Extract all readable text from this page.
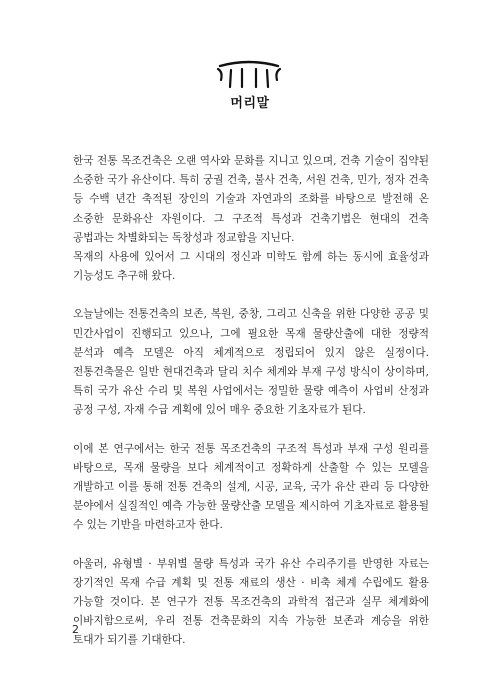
머리말

한국 전통 목조건축은 오랜 역사와 문화를 지니고 있으며, 건축 기술이 집약된 소중한 국가 유산이다. 특히 궁궐 건축, 불사 건축, 서원 건축, 민가, 정자 건축 등 수백 년간 축적된 장인의 기술과 자연과의 조화를 바탕으로 발전해 온 소중한 문화유산 자원이다. 그 구조적 특성과 건축기법은 현대의 건축 공법과는 차별화되는 독창성과 정교함을 지닌다.

목재의 사용에 있어서 그 시대의 정신과 미학도 함께 하는 동시에 효율성과 기능성도 추구해 왔다.

오늘날에는 전통건축의 보존, 복원, 중창, 그리고 신축을 위한 다양한 공공 및 민간사업이 진행되고 있으나, 그에 필요한 목재 물량산출에 대한 정량적 분석과 예측 모델은 아직 체계적으로 정립되어 있지 않은 실정이다. 전통건축물은 일반 현대건축과 달리 치수 체계와 부재 구성 방식이 상이하며, 특히 국가 유산 수리 및 복원 사업에서는 정밀한 물량 예측이 사업비 산정과 공정 구성, 자재 수급 계획에 있어 매우 중요한 기초자료가 된다.

이에 본 연구에서는 한국 전통 목조건축의 구조적 특성과 부재 구성 원리를 바탕으로, 목재 물량을 보다 체계적이고 정확하게 산출할 수 있는 모델을 개발하고 이를 통해 전통 건축의 설계, 시공, 교육, 국가 유산 관리 등 다양한 분야에서 실질적인 예측 가능한 물량산출 모델을 제시하여 기초자료로 활용될 수 있는 기반을 마련하고자 한다.

아울러, 유형별 · 부위별 물량 특성과 국가 유산 수리주기를 반영한 자료는 장기적인 목재 수급 계획 및 전통 재료의 생산 · 비축 체계 수립에도 활용 가능할 것이다. 본 연구가 전통 목조건축의 과학적 접근과 실무 체계화에 이바지함으로써, 우리 전통 건축문화의 지속 가능한 보존과 계승을 위한 토대가 되기를 기대한다.

2
